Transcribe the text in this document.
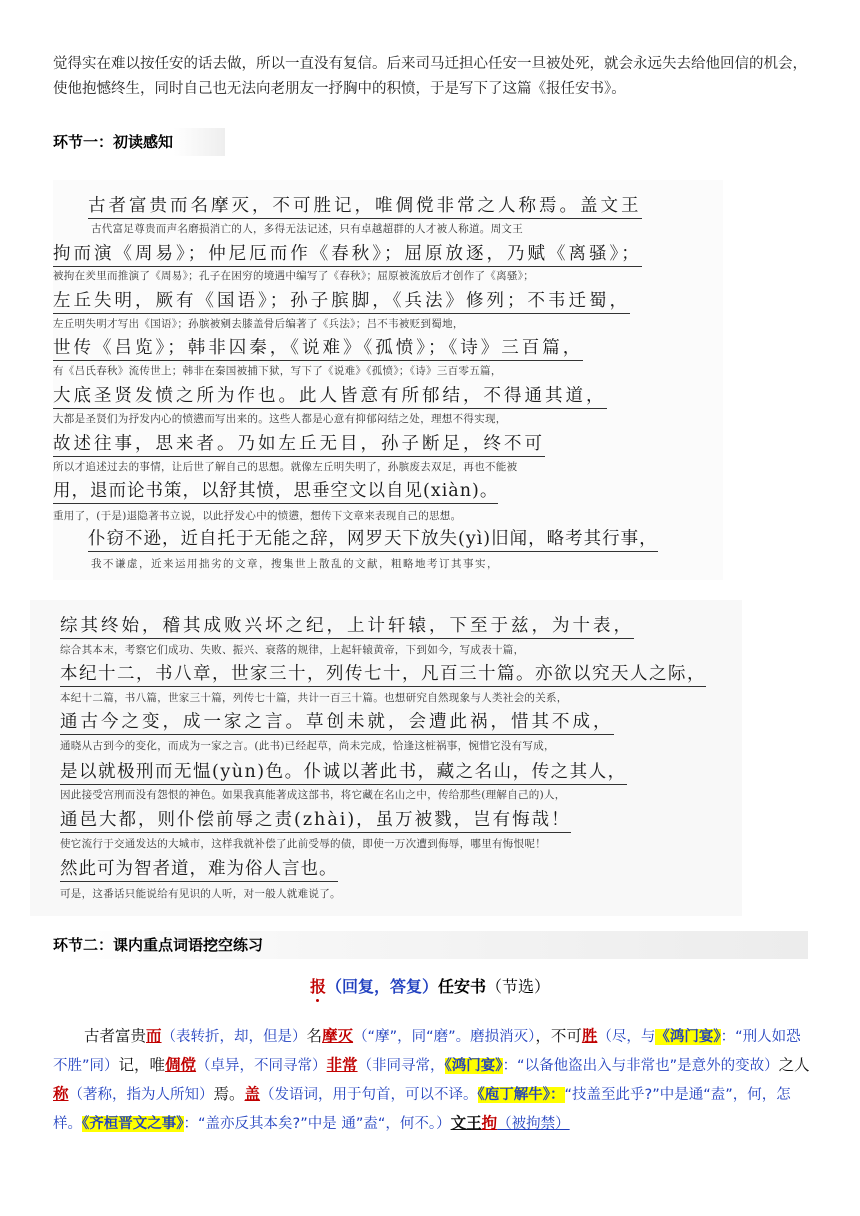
觉得实在难以按任安的话去做，所以一直没有复信。后来司马迁担心任安一旦被处死，就会永远失去给他回信的机会，使他抱憾终生，同时自己也无法向老朋友一抒胸中的积愤，于是写下了这篇《报任安书》。
环节一：初读感知
古者富贵而名摩灭，不可胜记，唯倜傥非常之人称焉。盖文王
古代富足尊贵而声名磨损消亡的人，多得无法记述，只有卓越超群的人才被人称道。周文王
拘而演《周易》；仲尼厄而作《春秋》；屈原放逐，乃赋《离骚》；
被拘在羑里而推演了《周易》；孔子在困穷的境遇中编写了《春秋》；屈原被流放后才创作了《离骚》；
左丘失明，厥有《国语》；孙子膑脚，《兵法》修列；不韦迁蜀，
左丘明失明才写出《国语》；孙膑被剜去膝盖骨后编著了《兵法》；吕不韦被贬到蜀地，
世传《吕览》；韩非囚秦，《说难》《孤愤》；《诗》三百篇，
有《吕氏春秋》流传世上；韩非在秦国被捕下狱，写下了《说难》《孤愤》；《诗》三百零五篇，
大底圣贤发愤之所为作也。此人皆意有所郁结，不得通其道，
大都是圣贤们为抒发内心的愤懑而写出来的。这些人都是心意有抑郁闷结之处，理想不得实现，
故述往事，思来者。乃如左丘无目，孙子断足，终不可
所以才追述过去的事情，让后世了解自己的思想。就像左丘明失明了，孙膑废去双足，再也不能被
用，退而论书策，以舒其愤，思垂空文以自见(xiàn)。
重用了，(于是)退隐著书立说，以此抒发心中的愤懑，想传下文章来表现自己的思想。
仆窃不逊，近自托于无能之辞，网罗天下放失(yì)旧闻，略考其行事，
我不谦虚，近来运用拙劣的文章，搜集世上散乱的文献，粗略地考订其事实，
综其终始，稽其成败兴坏之纪，上计轩辕，下至于兹，为十表，
综合其本末，考察它们成功、失败、振兴、衰落的规律，上起轩辕黄帝，下到如今，写成表十篇，
本纪十二，书八章，世家三十，列传七十，凡百三十篇。亦欲以究天人之际，
本纪十二篇，书八篇，世家三十篇，列传七十篇，共计一百三十篇。也想研究自然现象与人类社会的关系，
通古今之变，成一家之言。草创未就，会遭此祸，惜其不成，
通晓从古到今的变化，而成为一家之言。(此书)已经起草，尚未完成，恰逢这桩祸事，惋惜它没有写成，
是以就极刑而无愠(yùn)色。仆诚以著此书，藏之名山，传之其人，
因此接受宫刑而没有怨恨的神色。如果我真能著成这部书，将它藏在名山之中，传给那些(理解自己的)人，
通邑大都，则仆偿前辱之责(zhài)，虽万被戮，岂有悔哉！
使它流行于交通发达的大城市，这样我就补偿了此前受辱的债，即使一万次遭到侮辱，哪里有悔恨呢！
然此可为智者道，难为俗人言也。
可是，这番话只能说给有见识的人听，对一般人就难说了。
环节二：课内重点词语挖空练习
报（回复，答复）任安书（节选）
古者富贵而（表转折，却，但是）名摩灭（“摩”，同“磨”。磨损消灭），不可胜（尽，与《鸿门宴》：“刑人如恐不胜”同）记，唯倜傥（卓异，不同寻常）非常（非同寻常，《鸿门宴》：“以备他盗出入与非常也”是意外的变故）之人称（著称，指为人所知）焉。盖（发语词，用于句首，可以不译。《庖丁解牛》：“技盖至此乎?”中是通“盍”，何，怎样。《齐桓晋文之事》：“盖亦反其本矣?”中是 通”盍“，何不。）文王拘（被拘禁）
